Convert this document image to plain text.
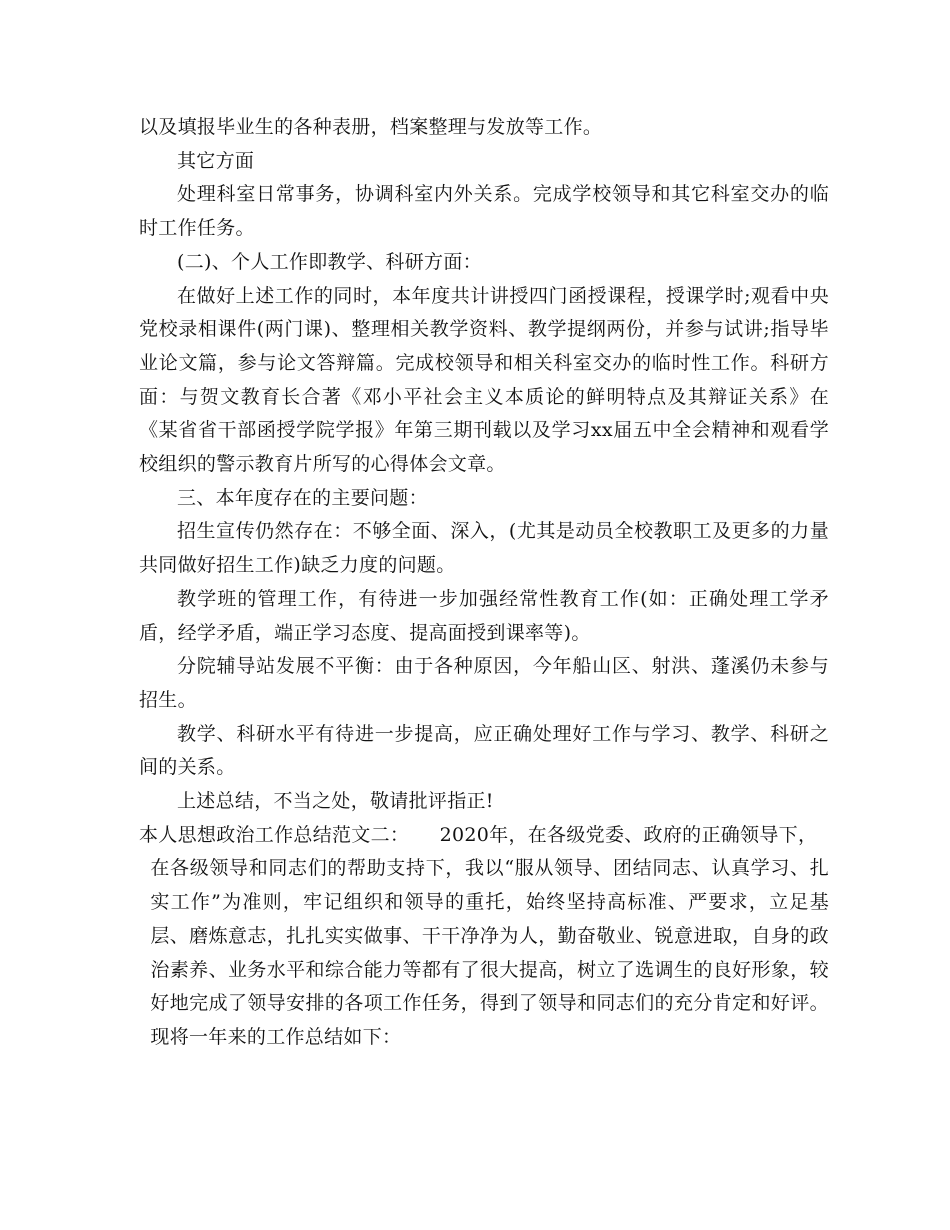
以及填报毕业生的各种表册，档案整理与发放等工作。

其它方面

处理科室日常事务，协调科室内外关系。完成学校领导和其它科室交办的临时工作任务。

(二)、个人工作即教学、科研方面：

在做好上述工作的同时，本年度共计讲授四门函授课程，授课学时;观看中央党校录相课件(两门课)、整理相关教学资料、教学提纲两份，并参与试讲;指导毕业论文篇，参与论文答辩篇。完成校领导和相关科室交办的临时性工作。科研方面：与贺文教育长合著《邓小平社会主义本质论的鲜明特点及其辩证关系》在《某省省干部函授学院学报》年第三期刊载以及学习xx届五中全会精神和观看学校组织的警示教育片所写的心得体会文章。

三、本年度存在的主要问题：

招生宣传仍然存在：不够全面、深入，(尤其是动员全校教职工及更多的力量共同做好招生工作)缺乏力度的问题。

教学班的管理工作，有待进一步加强经常性教育工作(如：正确处理工学矛盾，经学矛盾，端正学习态度、提高面授到课率等)。

分院辅导站发展不平衡：由于各种原因，今年船山区、射洪、蓬溪仍未参与招生。

教学、科研水平有待进一步提高，应正确处理好工作与学习、教学、科研之间的关系。

上述总结，不当之处，敬请批评指正!

本人思想政治工作总结范文二： 2020年，在各级党委、政府的正确领导下，
在各级领导和同志们的帮助支持下，我以“服从领导、团结同志、认真学习、扎实工作”为准则，牢记组织和领导的重托，始终坚持高标准、严要求，立足基层、磨炼意志，扎扎实实做事、干干净净为人，勤奋敬业、锐意进取，自身的政治素养、业务水平和综合能力等都有了很大提高，树立了选调生的良好形象，较好地完成了领导安排的各项工作任务，得到了领导和同志们的充分肯定和好评。现将一年来的工作总结如下：
